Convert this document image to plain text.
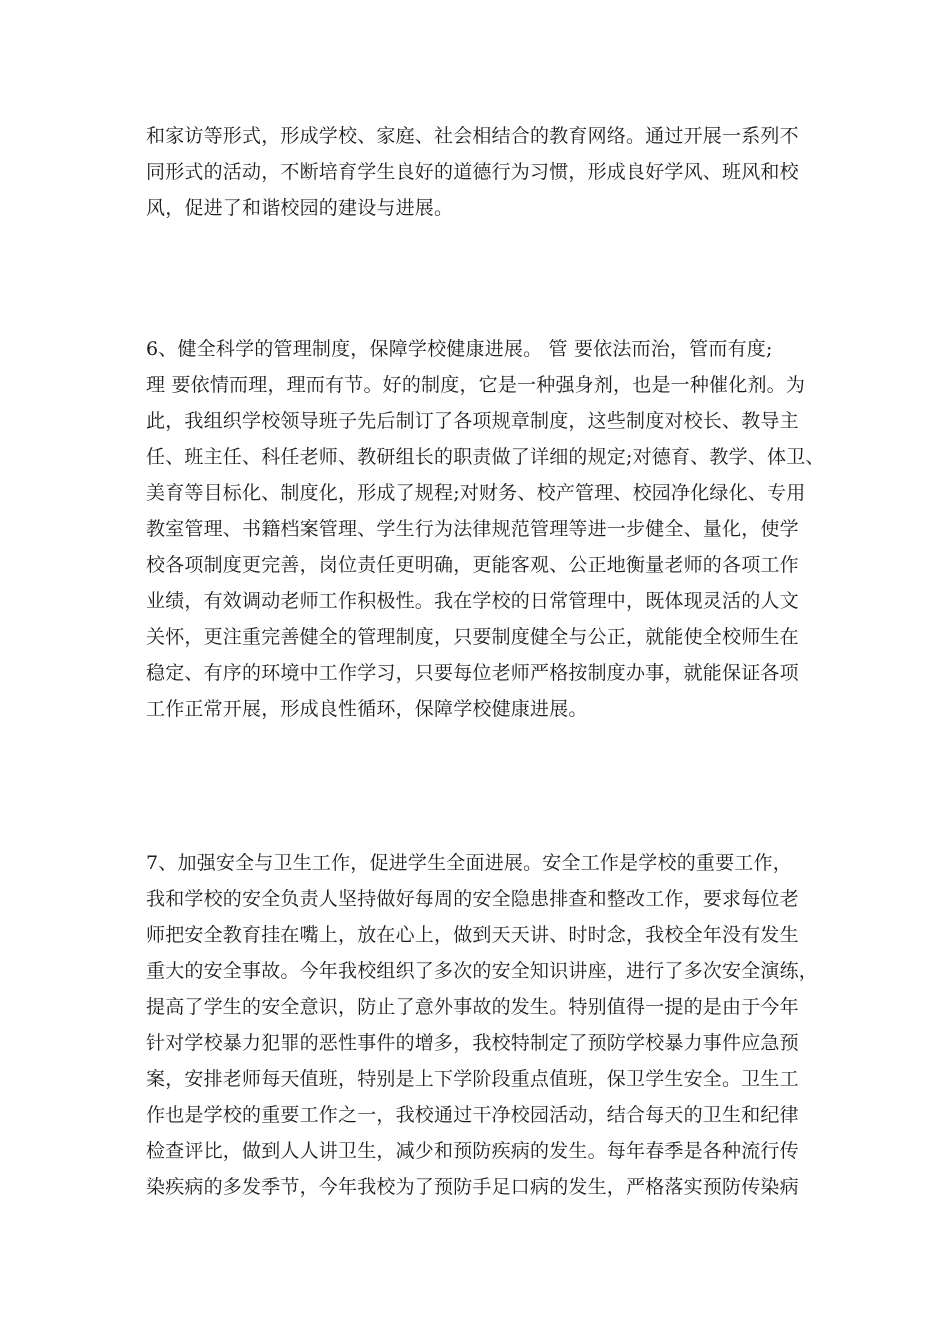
和家访等形式，形成学校、家庭、社会相结合的教育网络。通过开展一系列不
同形式的活动，不断培育学生良好的道德行为习惯，形成良好学风、班风和校
风，促进了和谐校园的建设与进展。
6、健全科学的管理制度，保障学校健康进展。 管 要依法而治，管而有度;
理 要依情而理，理而有节。好的制度，它是一种强身剂，也是一种催化剂。为
此，我组织学校领导班子先后制订了各项规章制度，这些制度对校长、教导主
任、班主任、科任老师、教研组长的职责做了详细的规定;对德育、教学、体卫、
美育等目标化、制度化，形成了规程;对财务、校产管理、校园净化绿化、专用
教室管理、书籍档案管理、学生行为法律规范管理等进一步健全、量化，使学
校各项制度更完善，岗位责任更明确，更能客观、公正地衡量老师的各项工作
业绩，有效调动老师工作积极性。我在学校的日常管理中，既体现灵活的人文
关怀，更注重完善健全的管理制度，只要制度健全与公正，就能使全校师生在
稳定、有序的环境中工作学习，只要每位老师严格按制度办事，就能保证各项
工作正常开展，形成良性循环，保障学校健康进展。
7、加强安全与卫生工作，促进学生全面进展。安全工作是学校的重要工作，
我和学校的安全负责人坚持做好每周的安全隐患排查和整改工作，要求每位老
师把安全教育挂在嘴上，放在心上，做到天天讲、时时念，我校全年没有发生
重大的安全事故。今年我校组织了多次的安全知识讲座，进行了多次安全演练，
提高了学生的安全意识，防止了意外事故的发生。特别值得一提的是由于今年
针对学校暴力犯罪的恶性事件的增多，我校特制定了预防学校暴力事件应急预
案，安排老师每天值班，特别是上下学阶段重点值班，保卫学生安全。卫生工
作也是学校的重要工作之一，我校通过干净校园活动，结合每天的卫生和纪律
检查评比，做到人人讲卫生，减少和预防疾病的发生。每年春季是各种流行传
染疾病的多发季节，今年我校为了预防手足口病的发生，严格落实预防传染病
